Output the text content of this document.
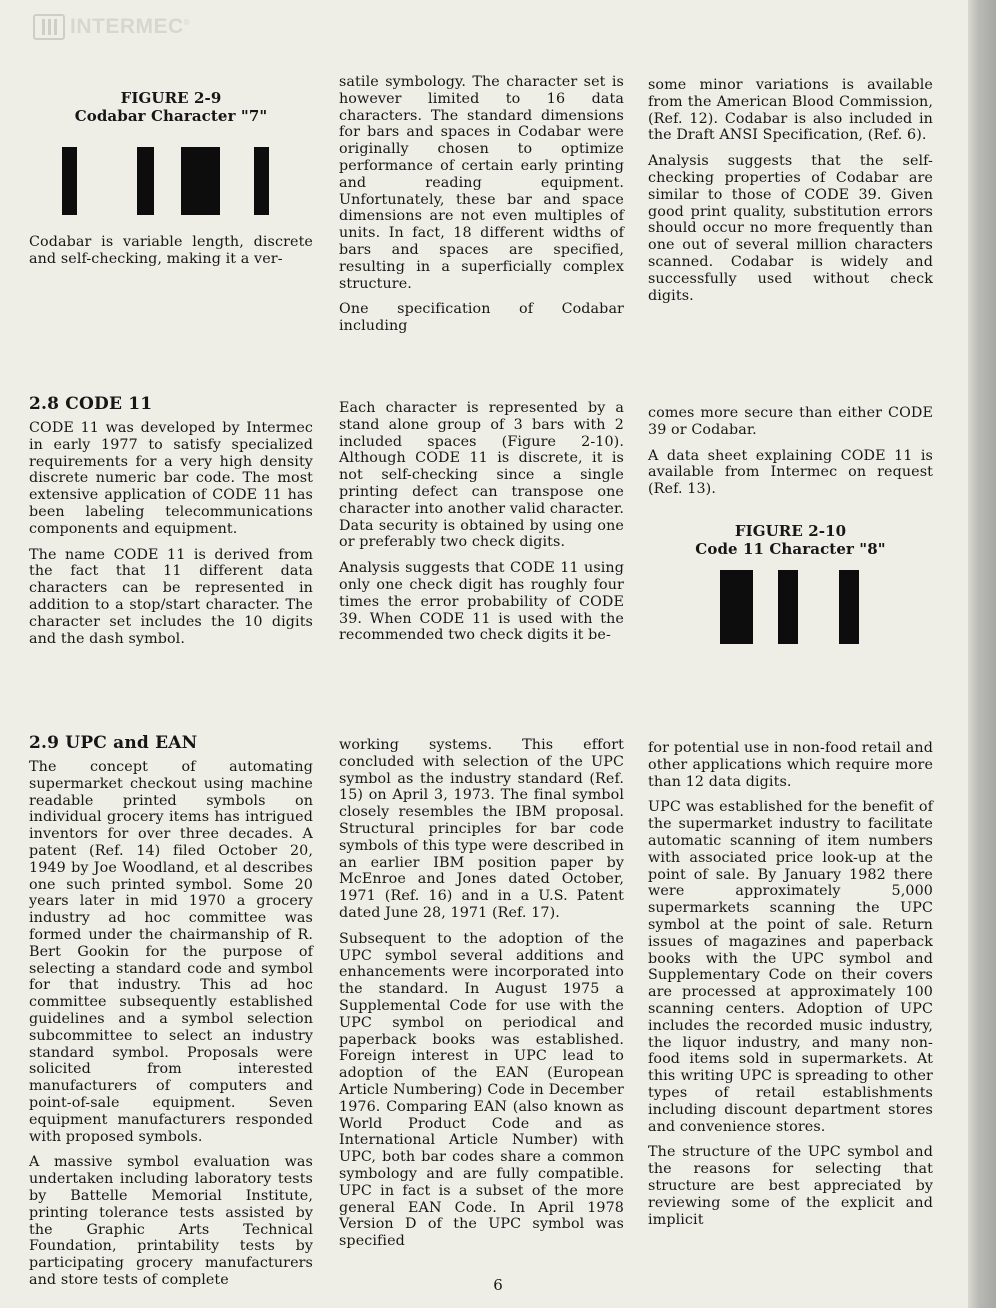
INTERMEC®
FIGURE 2-9
Codabar Character "7"

Codabar is variable length, discrete and self-checking, making it a ver-

satile symbology. The character set is however limited to 16 data characters. The standard dimensions for bars and spaces in Codabar were originally chosen to optimize performance of certain early printing and reading equipment. Unfortunately, these bar and space dimensions are not even multiples of units. In fact, 18 different widths of bars and spaces are specified, resulting in a superficially complex structure.

One specification of Codabar including

some minor variations is available from the American Blood Commission, (Ref. 12). Codabar is also included in the Draft ANSI Specification, (Ref. 6).

Analysis suggests that the self-checking properties of Codabar are similar to those of CODE 39. Given good print quality, substitution errors should occur no more frequently than one out of several million characters scanned. Codabar is widely and successfully used without check digits.

2.8 CODE 11

CODE 11 was developed by Intermec in early 1977 to satisfy specialized requirements for a very high density discrete numeric bar code. The most extensive application of CODE 11 has been labeling telecommunications components and equipment.

The name CODE 11 is derived from the fact that 11 different data characters can be represented in addition to a stop/start character. The character set includes the 10 digits and the dash symbol.

Each character is represented by a stand alone group of 3 bars with 2 included spaces (Figure 2-10). Although CODE 11 is discrete, it is not self-checking since a single printing defect can transpose one character into another valid character. Data security is obtained by using one or preferably two check digits.

Analysis suggests that CODE 11 using only one check digit has roughly four times the error probability of CODE 39. When CODE 11 is used with the recommended two check digits it be-

comes more secure than either CODE 39 or Codabar.

A data sheet explaining CODE 11 is available from Intermec on request (Ref. 13).

FIGURE 2-10
Code 11 Character "8"
2.9 UPC and EAN

The concept of automating supermarket checkout using machine readable printed symbols on individual grocery items has intrigued inventors for over three decades. A patent (Ref. 14) filed October 20, 1949 by Joe Woodland, et al describes one such printed symbol. Some 20 years later in mid 1970 a grocery industry ad hoc committee was formed under the chairmanship of R. Bert Gookin for the purpose of selecting a standard code and symbol for that industry. This ad hoc committee subsequently established guidelines and a symbol selection subcommittee to select an industry standard symbol. Proposals were solicited from interested manufacturers of computers and point-of-sale equipment. Seven equipment manufacturers responded with proposed symbols.

A massive symbol evaluation was undertaken including laboratory tests by Battelle Memorial Institute, printing tolerance tests assisted by the Graphic Arts Technical Foundation, printability tests by participating grocery manufacturers and store tests of complete

working systems. This effort concluded with selection of the UPC symbol as the industry standard (Ref. 15) on April 3, 1973. The final symbol closely resembles the IBM proposal. Structural principles for bar code symbols of this type were described in an earlier IBM position paper by McEnroe and Jones dated October, 1971 (Ref. 16) and in a U.S. Patent dated June 28, 1971 (Ref. 17).

Subsequent to the adoption of the UPC symbol several additions and enhancements were incorporated into the standard. In August 1975 a Supplemental Code for use with the UPC symbol on periodical and paperback books was established. Foreign interest in UPC lead to adoption of the EAN (European Article Numbering) Code in December 1976. Comparing EAN (also known as World Product Code and as International Article Number) with UPC, both bar codes share a common symbology and are fully compatible. UPC in fact is a subset of the more general EAN Code. In April 1978 Version D of the UPC symbol was specified

for potential use in non-food retail and other applications which require more than 12 data digits.

UPC was established for the benefit of the supermarket industry to facilitate automatic scanning of item numbers with associated price look-up at the point of sale. By January 1982 there were approximately 5,000 supermarkets scanning the UPC symbol at the point of sale. Return issues of magazines and paperback books with the UPC symbol and Supplementary Code on their covers are processed at approximately 100 scanning centers. Adoption of UPC includes the recorded music industry, the liquor industry, and many non-food items sold in supermarkets. At this writing UPC is spreading to other types of retail establishments including discount department stores and convenience stores.

The structure of the UPC symbol and the reasons for selecting that structure are best appreciated by reviewing some of the explicit and implicit

6
